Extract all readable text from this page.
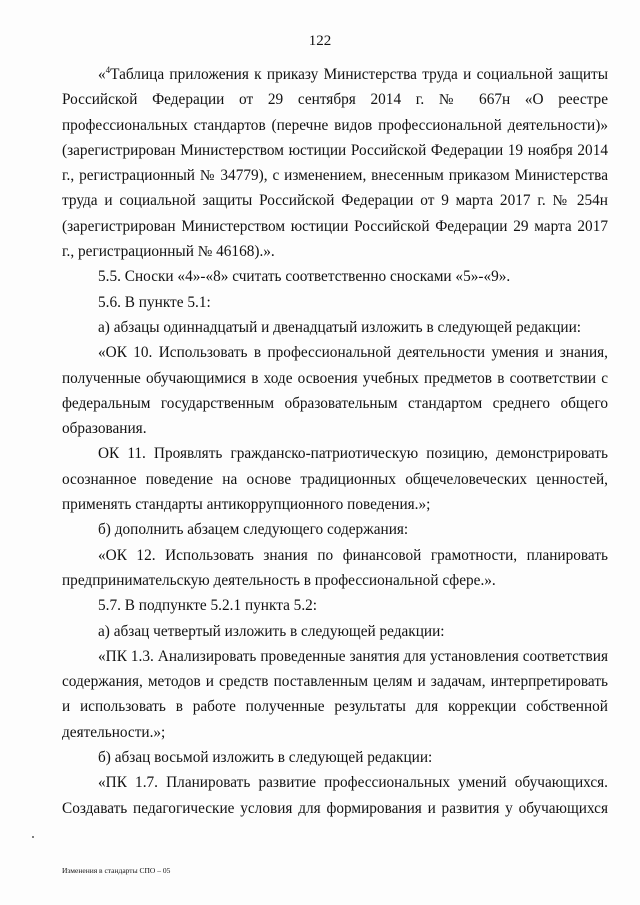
122

«$^4$Таблица приложения к приказу Министерства труда и социальной защиты Российской Федерации от 29 сентября 2014 г. № 667н «О реестре профессиональных стандартов (перечне видов профессиональной деятельности)» (зарегистрирован Министерством юстиции Российской Федерации 19 ноября 2014 г., регистрационный № 34779), с изменением, внесенным приказом Министерства труда и социальной защиты Российской Федерации от 9 марта 2017 г. № 254н (зарегистрирован Министерством юстиции Российской Федерации 29 марта 2017 г., регистрационный № 46168).».

5.5. Сноски «4»-«8» считать соответственно сносками «5»-«9».

5.6. В пункте 5.1:

а) абзацы одиннадцатый и двенадцатый изложить в следующей редакции:

«ОК 10. Использовать в профессиональной деятельности умения и знания, полученные обучающимися в ходе освоения учебных предметов в соответствии с федеральным государственным образовательным стандартом среднего общего образования.

ОК 11. Проявлять гражданско-патриотическую позицию, демонстрировать осознанное поведение на основе традиционных общечеловеческих ценностей, применять стандарты антикоррупционного поведения.»;

б) дополнить абзацем следующего содержания:

«ОК 12. Использовать знания по финансовой грамотности, планировать предпринимательскую деятельность в профессиональной сфере.».

5.7. В подпункте 5.2.1 пункта 5.2:

а) абзац четвертый изложить в следующей редакции:

«ПК 1.3. Анализировать проведенные занятия для установления соответствия содержания, методов и средств поставленным целям и задачам, интерпретировать и использовать в работе полученные результаты для коррекции собственной деятельности.»;

б) абзац восьмой изложить в следующей редакции:

«ПК 1.7. Планировать развитие профессиональных умений обучающихся. Создавать педагогические условия для формирования и развития у обучающихся

Изменения в стандарты СПО – 05
